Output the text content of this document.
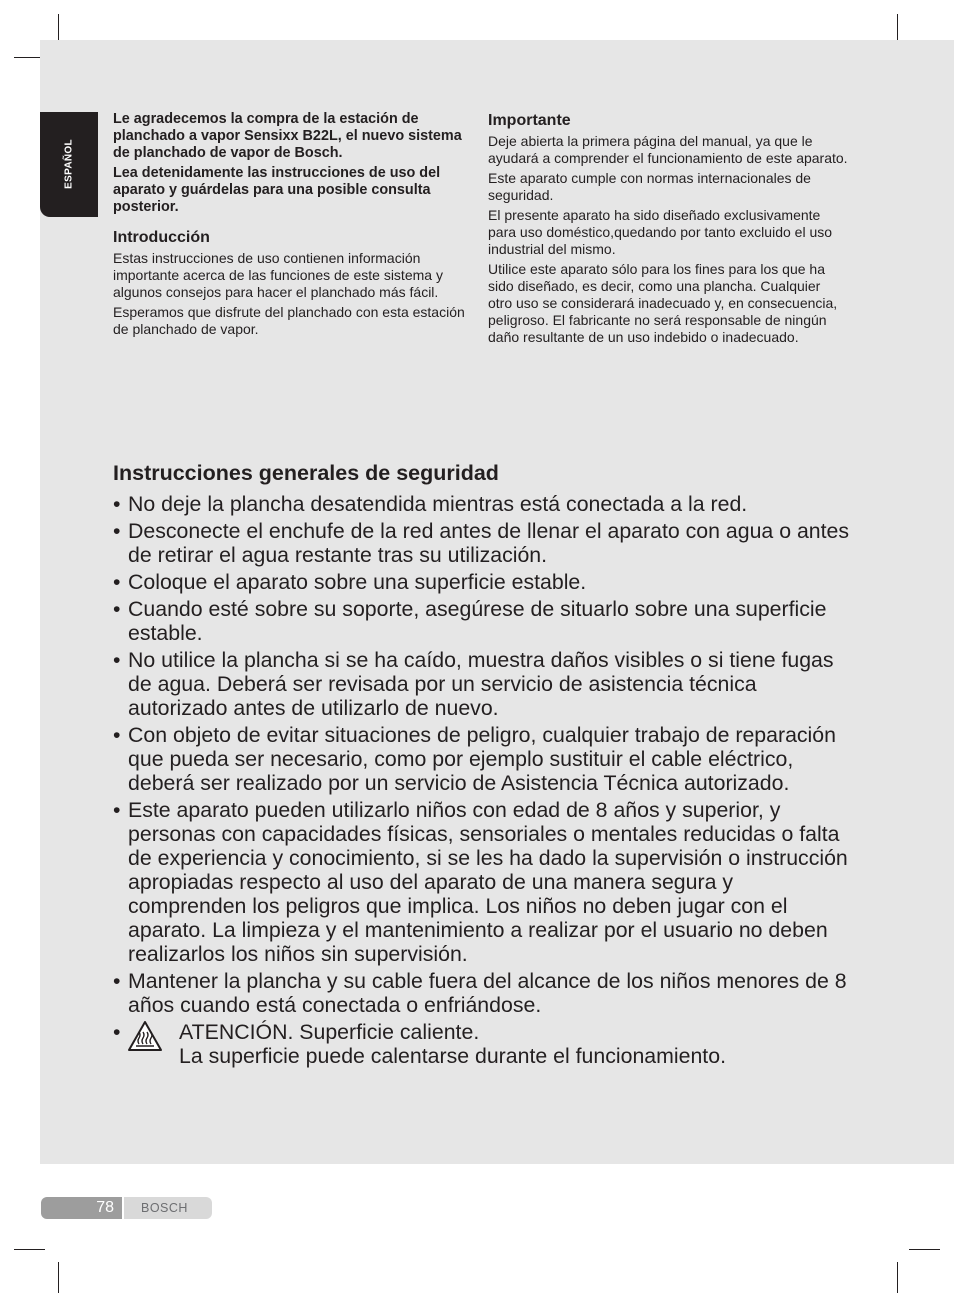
ESPAÑOL

Le agradecemos la compra de la estación de planchado a vapor Sensixx B22L, el nuevo sistema de planchado de vapor de Bosch.

Lea detenidamente las instrucciones de uso del aparato y guárdelas para una posible consulta posterior.

Introducción

Estas instrucciones de uso contienen información importante acerca de las funciones de este sistema y algunos consejos para hacer el planchado más fácil.

Esperamos que disfrute del planchado con esta estación de planchado de vapor.

Importante

Deje abierta la primera página del manual, ya que le ayudará a comprender el funcionamiento de este aparato.

Este aparato cumple con normas internacionales de seguridad.

El presente aparato ha sido diseñado exclusivamente para uso doméstico,quedando por tanto excluido el uso industrial del mismo.

Utilice este aparato sólo para los fines para los que ha sido diseñado, es decir, como una plancha. Cualquier otro uso se considerará inadecuado y, en consecuencia, peligroso. El fabricante no será responsable de ningún daño resultante de un uso indebido o inadecuado.

Instrucciones generales de seguridad
• No deje la plancha desatendida mientras está conectada a la red.
• Desconecte el enchufe de la red antes de llenar el aparato con agua o antes de retirar el agua restante tras su utilización.
• Coloque el aparato sobre una superficie estable.
• Cuando esté sobre su soporte, asegúrese de situarlo sobre una superficie estable.
• No utilice la plancha si se ha caído, muestra daños visibles o si tiene fugas de agua. Deberá ser revisada por un servicio de asistencia técnica autorizado antes de utilizarlo de nuevo.
• Con objeto de evitar situaciones de peligro, cualquier trabajo de reparación que pueda ser necesario, como por ejemplo sustituir el cable eléctrico, deberá ser realizado por un servicio de Asistencia Técnica autorizado.
• Este aparato pueden utilizarlo niños con edad de 8 años y superior, y personas con capacidades físicas, sensoriales o mentales reducidas o falta de experiencia y conocimiento, si se les ha dado la supervisión o instrucción apropiadas respecto al uso del aparato de una manera segura y comprenden los peligros que implica. Los niños no deben jugar con el aparato. La limpieza y el mantenimiento a realizar por el usuario no deben realizarlos los niños sin supervisión.
• Mantener la plancha y su cable fuera del alcance de los niños menores de 8 años cuando está conectada o enfriándose.
•	ATENCIÓN. Superficie caliente.
La superficie puede calentarse durante el funcionamiento.
78	BOSCH
